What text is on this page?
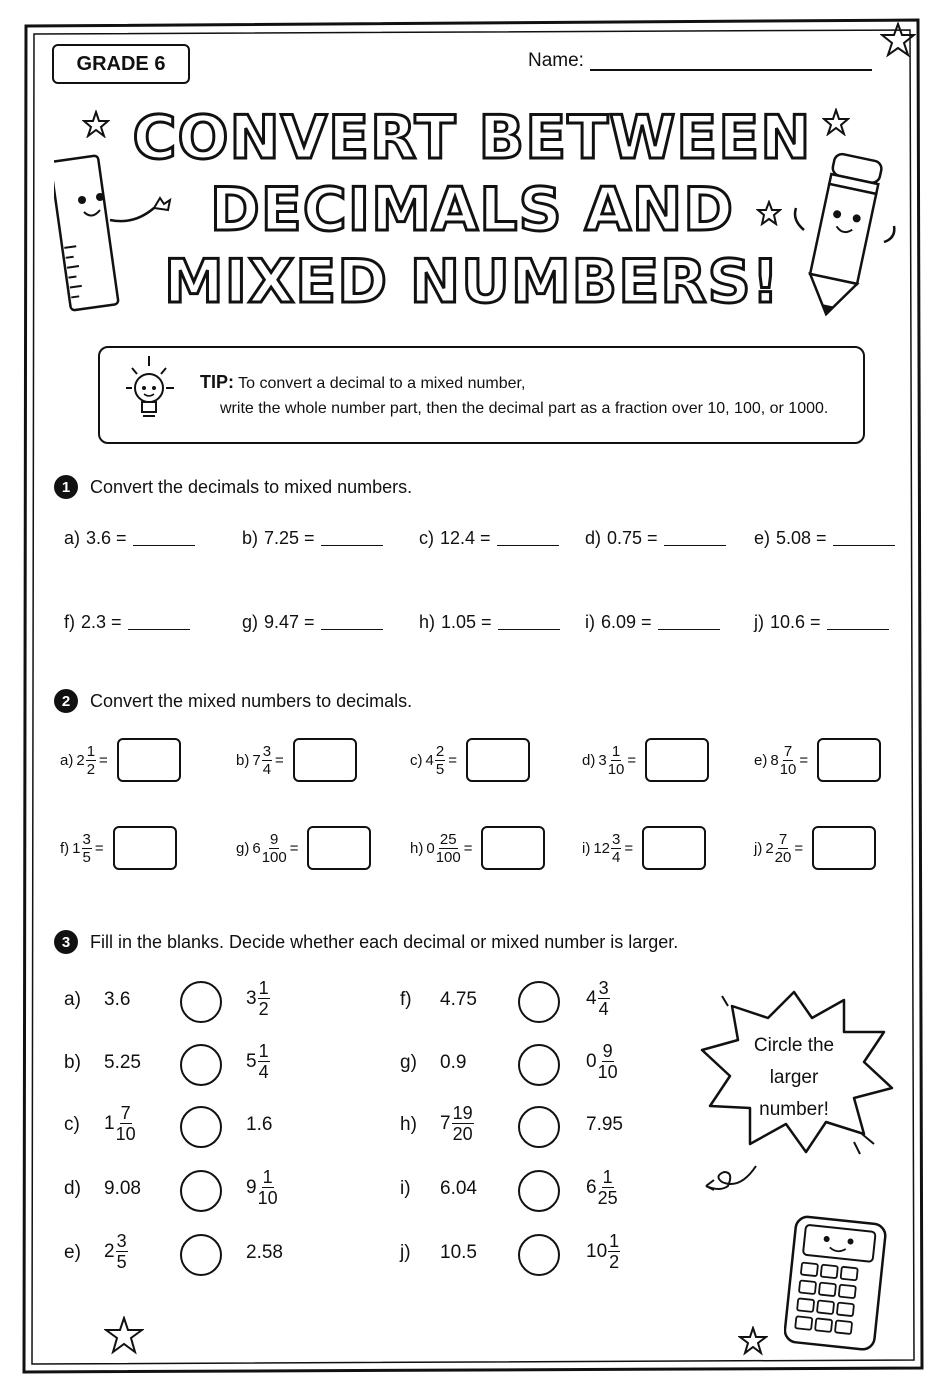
GRADE 6	Name:
CONVERT BETWEEN
DECIMALS AND
MIXED NUMBERS!
TIP: To convert a decimal to a mixed number,
write the whole number part, then the decimal part as a fraction over 10, 100, or 1000.
1	Convert the decimals to mixed numbers.
2	Convert the mixed numbers to decimals.
3	Fill in the blanks. Decide whether each decimal or mixed number is larger.
a) 3.6 =	b) 7.25 =	c) 12.4 =	d) 0.75 =	e) 5.08 =
f) 2.3 =	g) 9.47 =	h) 1.05 =	i) 6.09 =	j) 10.6 =
a) $2 \frac{1}{2}$ =	b) $7 \frac{3}{4}$ =	c) $4 \frac{2}{5}$ =	d) $3 \frac{1}{10}$ =	e) $8 \frac{7}{10}$ =
f) $1 \frac{3}{5}$ =	g) $6 \frac{9}{100}$ =	h) $0 \frac{25}{100}$ =	i) $12 \frac{3}{4}$ =	j) $2 \frac{7}{20}$ =
a) 3.6	$3 \frac{1}{2}$
b) 5.25	$5 \frac{1}{4}$
c) $1 \frac{7}{10}$	1.6
d) 9.08	$9 \frac{1}{10}$
e) $2 \frac{3}{5}$	2.58
f) 4.75	$4 \frac{3}{4}$
g) 0.9	$0 \frac{9}{10}$
h) $7 \frac{19}{20}$	7.95
i) 6.04	$6 \frac{1}{25}$
j) 10.5	$10 \frac{1}{2}$
Circle the
larger
number!
